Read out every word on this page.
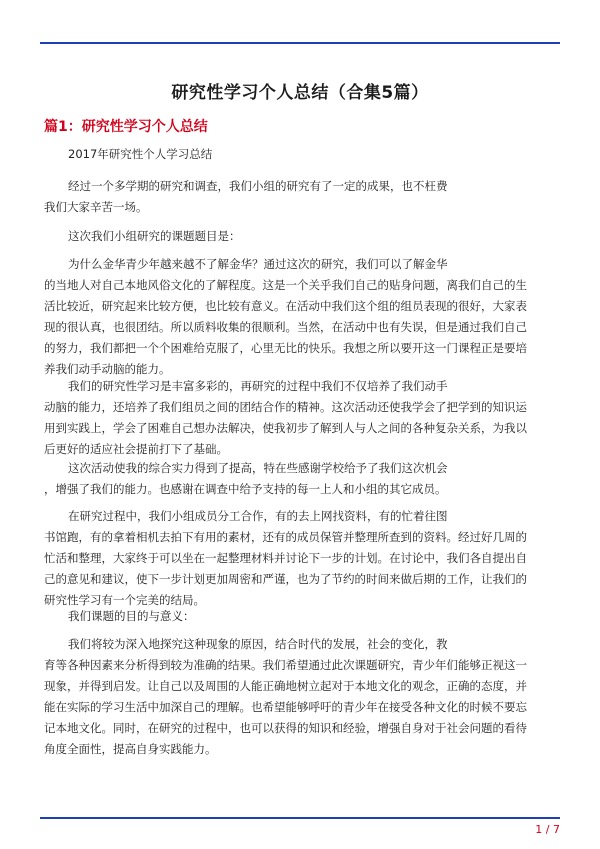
研究性学习个人总结（合集5篇）
篇1：研究性学习个人总结
2017年研究性个人学习总结
经过一个多学期的研究和调查，我们小组的研究有了一定的成果，也不枉费
我们大家辛苦一场。
这次我们小组研究的课题题目是：
为什么金华青少年越来越不了解金华？通过这次的研究，我们可以了解金华
的当地人对自己本地风俗文化的了解程度。这是一个关乎我们自己的贴身问题，离我们自己的生
活比较近，研究起来比较方便，也比较有意义。在活动中我们这个组的组员表现的很好，大家表
现的很认真，也很团结。所以质料收集的很顺利。当然，在活动中也有失误，但是通过我们自己
的努力，我们都把一个个困难给克服了，心里无比的快乐。我想之所以要开这一门课程正是要培
养我们动手动脑的能力。
我们的研究性学习是丰富多彩的，再研究的过程中我们不仅培养了我们动手
动脑的能力，还培养了我们组员之间的团结合作的精神。这次活动还使我学会了把学到的知识运
用到实践上，学会了困难自己想办法解决，使我初步了解到人与人之间的各种复杂关系，为我以
后更好的适应社会提前打下了基础。
这次活动使我的综合实力得到了提高，特在些感谢学校给予了我们这次机会
，增强了我们的能力。也感谢在调查中给予支持的每一上人和小组的其它成员。
在研究过程中，我们小组成员分工合作，有的去上网找资料，有的忙着往图
书馆跑，有的拿着相机去拍下有用的素材，还有的成员保管并整理所查到的资料。经过好几周的
忙活和整理，大家终于可以坐在一起整理材料并讨论下一步的计划。在讨论中，我们各自提出自
己的意见和建议，使下一步计划更加周密和严谨，也为了节约的时间来做后期的工作，让我们的
研究性学习有一个完美的结局。
我们课题的目的与意义：
我们将较为深入地探究这种现象的原因，结合时代的发展，社会的变化，教
育等各种因素来分析得到较为准确的结果。我们希望通过此次课题研究，青少年们能够正视这一
现象，并得到启发。让自己以及周围的人能正确地树立起对于本地文化的观念，正确的态度，并
能在实际的学习生活中加深自己的理解。也希望能够呼吁的青少年在接受各种文化的时候不要忘
记本地文化。同时，在研究的过程中，也可以获得的知识和经验，增强自身对于社会问题的看待
角度全面性，提高自身实践能力。
1 / 7
